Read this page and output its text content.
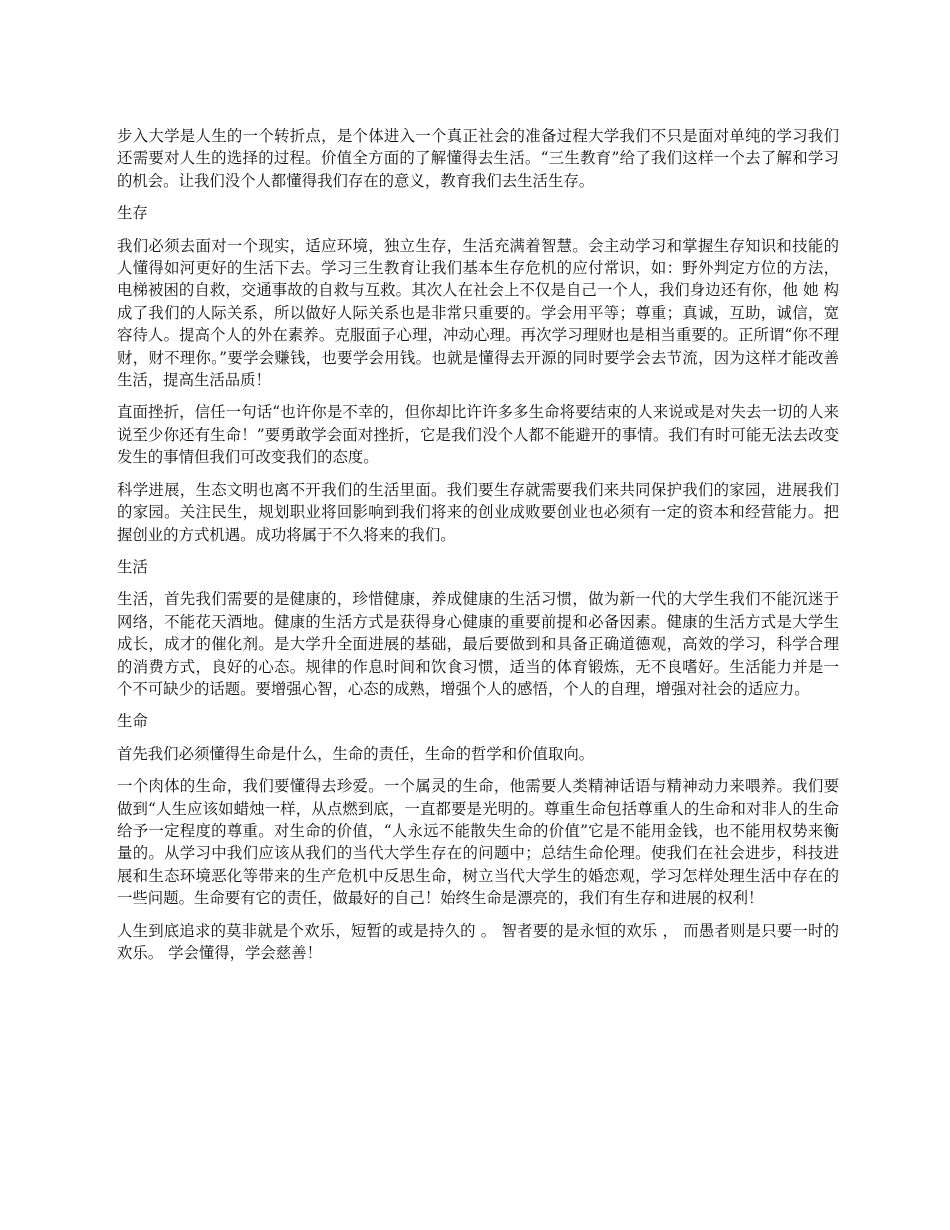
步入大学是人生的一个转折点，是个体进入一个真正社会的准备过程大学我们不只是面对单纯的学习我们还需要对人生的选择的过程。价值全方面的了解懂得去生活。“三生教育”给了我们这样一个去了解和学习的机会。让我们没个人都懂得我们存在的意义，教育我们去生活生存。

生存

我们必须去面对一个现实，适应环境，独立生存，生活充满着智慧。会主动学习和掌握生存知识和技能的人懂得如河更好的生活下去。学习三生教育让我们基本生存危机的应付常识，如：野外判定方位的方法，电梯被困的自救，交通事故的自救与互救。其次人在社会上不仅是自己一个人，我们身边还有你，他 她 构成了我们的人际关系，所以做好人际关系也是非常只重要的。学会用平等；尊重；真诚，互助，诚信，宽容待人。提高个人的外在素养。克服面子心理，冲动心理。再次学习理财也是相当重要的。正所谓“你不理财，财不理你。”要学会赚钱，也要学会用钱。也就是懂得去开源的同时要学会去节流，因为这样才能改善生活，提高生活品质！

直面挫折，信任一句话“也许你是不幸的，但你却比许许多多生命将要结束的人来说或是对失去一切的人来说至少你还有生命！”要勇敢学会面对挫折，它是我们没个人都不能避开的事情。我们有时可能无法去改变发生的事情但我们可改变我们的态度。

科学进展，生态文明也离不开我们的生活里面。我们要生存就需要我们来共同保护我们的家园，进展我们的家园。关注民生，规划职业将回影响到我们将来的创业成败要创业也必须有一定的资本和经营能力。把握创业的方式机遇。成功将属于不久将来的我们。

生活

生活，首先我们需要的是健康的，珍惜健康，养成健康的生活习惯，做为新一代的大学生我们不能沉迷于网络，不能花天酒地。健康的生活方式是获得身心健康的重要前提和必备因素。健康的生活方式是大学生成长，成才的催化剂。是大学升全面进展的基础，最后要做到和具备正确道德观，高效的学习，科学合理的消费方式，良好的心态。规律的作息时间和饮食习惯，适当的体育锻炼，无不良嗜好。生活能力并是一个不可缺少的话题。要增强心智，心态的成熟，增强个人的感悟，个人的自理，增强对社会的适应力。

生命

首先我们必须懂得生命是什么，生命的责任，生命的哲学和价值取向。

一个肉体的生命，我们要懂得去珍爱。一个属灵的生命，他需要人类精神话语与精神动力来喂养。我们要做到“人生应该如蜡烛一样，从点燃到底，一直都要是光明的。尊重生命包括尊重人的生命和对非人的生命给予一定程度的尊重。对生命的价值，“人永远不能散失生命的价值”它是不能用金钱，也不能用权势来衡量的。从学习中我们应该从我们的当代大学生存在的问题中；总结生命伦理。使我们在社会进步，科技进展和生态环境恶化等带来的生产危机中反思生命，树立当代大学生的婚恋观，学习怎样处理生活中存在的一些问题。生命要有它的责任，做最好的自己！始终生命是漂亮的，我们有生存和进展的权利！

人生到底追求的莫非就是个欢乐，短暂的或是持久的 。 智者要的是永恒的欢乐 ， 而愚者则是只要一时的欢乐。 学会懂得，学会慈善！
